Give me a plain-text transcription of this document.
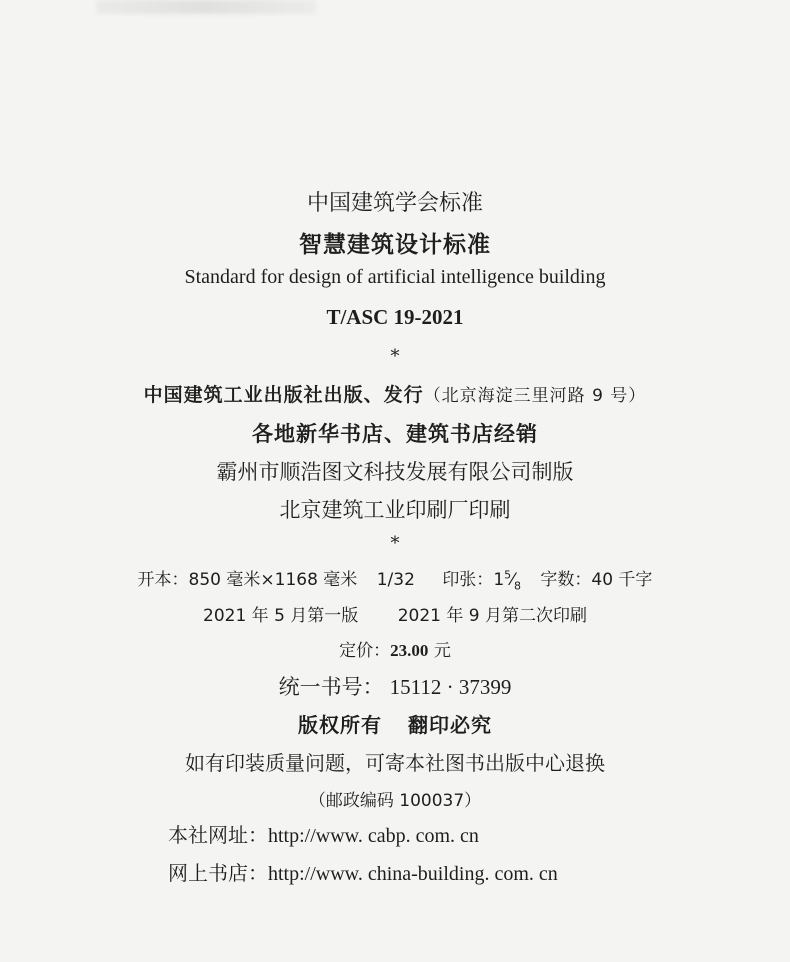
中国建筑学会标准
智慧建筑设计标准
Standard for design of artificial intelligence building
T/ASC 19-2021
*
中国建筑工业出版社出版、发行（北京海淀三里河路 9 号）
各地新华书店、建筑书店经销
霸州市顺浩图文科技发展有限公司制版
北京建筑工业印刷厂印刷
*
开本：850 毫米×1168 毫米 1/32 印张：$1^5⁄_8$ 字数：40 千字
2021 年 5 月第一版 2021 年 9 月第二次印刷
定价：23.00 元
统一书号： 15112 · 37399
版权所有 翻印必究
如有印装质量问题，可寄本社图书出版中心退换
（邮政编码 100037）
本社网址：http://www. cabp. com. cn
网上书店：http://www. china-building. com. cn
